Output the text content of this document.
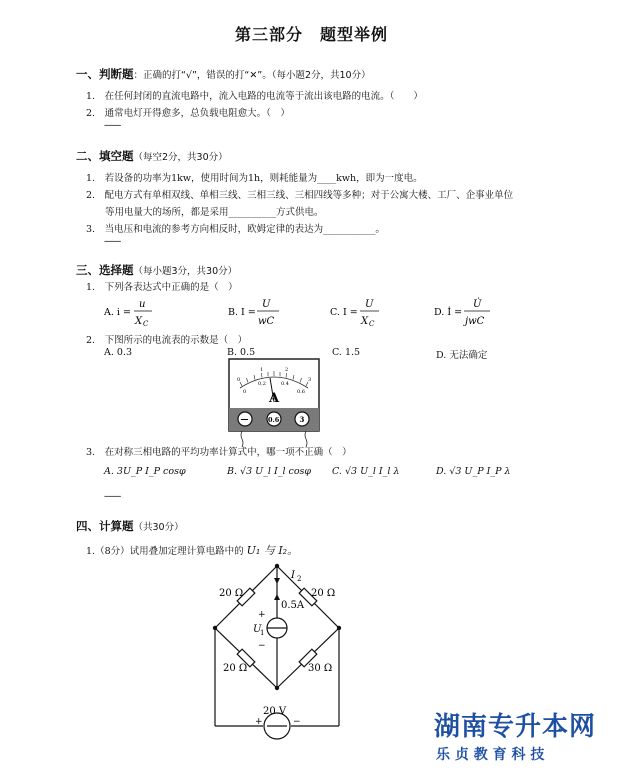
第三部分　题型举例
一、判断题：正确的打“√”，错误的打“✕”。（每小题2分，共10分）
1.　在任何封闭的直流电路中，流入电路的电流等于流出该电路的电流。（　　）
2.　通常电灯开得愈多，总负载电阻愈大。（　）
--------
二、填空题（每空2分，共30分）
1.　若设备的功率为1kw，使用时间为1h，则耗能量为____kwh，即为一度电。
2.　配电方式有单相双线、单相三线、三相三线、三相四线等多种；对于公寓大楼、工厂、企事业单位
　　等用电量大的场所，都是采用__________方式供电。
3.　当电压和电流的参考方向相反时，欧姆定律的表达为___________。
--------
三、选择题（每小题3分，共30分）
1.　下列各表达式中正确的是（　）
A. i =
u
X C
B. I =
U
wC
C. I =
U
X C
D. İ =
U̇
jwC
2.　下图所示的电流表的示数是（　）
A. 0.3	B. 0.5	C. 1.5	D. 无法确定
0
1	2
3
0
0.2	0.4
0.6
A
—	0.6	3
3.　在对称三相电路的平均功率计算式中，哪一项不正确（　）
A. 3U_P I_P cosφ	B. √3 U_l I_l cosφ C. √3 U_l I_l λ	D. √3 U_P I_P λ
--------
四、计算题（共30分）
1.（8分）试用叠加定理计算电路中的 U₁ 与 I₂。
I 2
0.5A
+
U
1
−
20 Ω	20 Ω
20 Ω	30 Ω
20 V
+	−	湖南专升本网
乐 贞 教 育 科 技
